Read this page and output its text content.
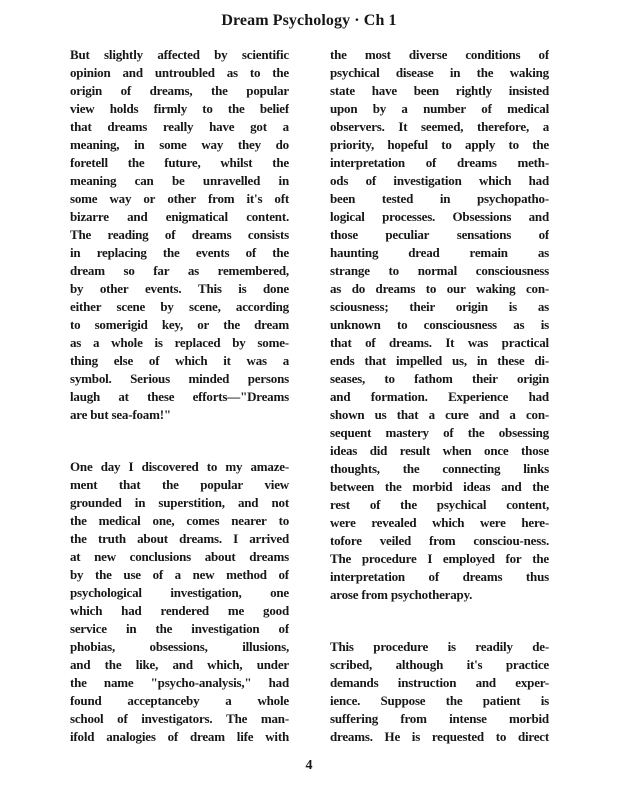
Dream Psychology · Ch 1
But slightly affected by scientific
opinion and untroubled as to the
origin of dreams, the popular
view holds firmly to the belief
that dreams really have got a
meaning, in some way they do
foretell the future, whilst the
meaning can be unravelled in
some way or other from it's oft
bizarre and enigmatical content.
The reading of dreams consists
in replacing the events of the
dream so far as remembered,
by other events. This is done
either scene by scene, according
to somerigid key, or the dream
as a whole is replaced by some-
thing else of which it was a
symbol. Serious minded persons
laugh at these efforts—"Dreams
are but sea-foam!"
One day I discovered to my amaze-
ment that the popular view
grounded in superstition, and not
the medical one, comes nearer to
the truth about dreams. I arrived
at new conclusions about dreams
by the use of a new method of
psychological investigation, one
which had rendered me good
service in the investigation of
phobias,	obsessions,	illusions,
and the like, and which, under
the name "psycho-analysis," had
found acceptanceby a whole
school of investigators. The man-
ifold analogies of dream life with
the most diverse conditions of
psychical disease in the waking
state have been rightly insisted
upon by a number of medical
observers. It seemed, therefore, a
priority, hopeful to apply to the
interpretation of dreams meth-
ods of investigation which had
been tested in psychopatho-
logical processes. Obsessions and
those peculiar sensations of
haunting dread remain as
strange to normal consciousness
as do dreams to our waking con-
sciousness; their origin is as
unknown to consciousness as is
that of dreams. It was practical
ends that impelled us, in these di-
seases, to fathom their origin
and formation. Experience had
shown us that a cure and a con-
sequent mastery of the obsessing
ideas did result when once those
thoughts, the connecting links
between the morbid ideas and the
rest of the psychical content,
were revealed which were here-
tofore veiled from consciou-ness.
The procedure I employed for the
interpretation of dreams thus
arose from psychotherapy.
This procedure is readily de-
scribed, although it's practice
demands instruction and exper-
ience. Suppose the patient is
suffering from intense morbid
dreams. He is requested to direct
4
